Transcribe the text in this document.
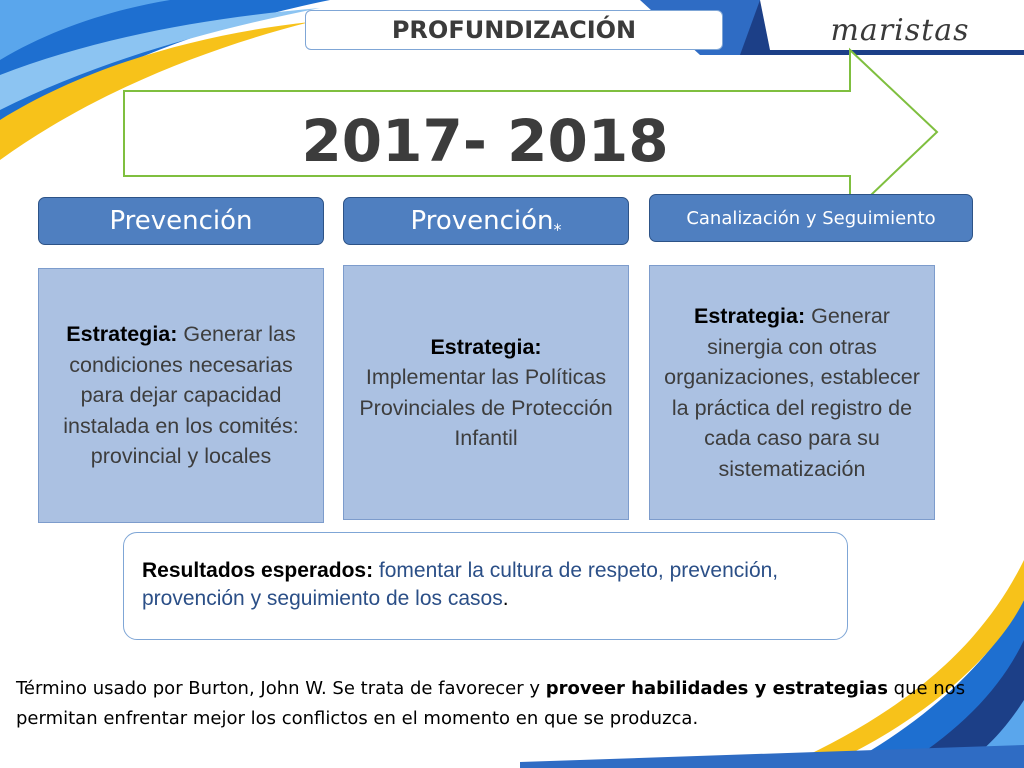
PROFUNDIZACIÓN	maristas
2017- 2018
Prevención	Provención *
Canalización y Seguimiento
Estrategia: Generar las condiciones necesarias para dejar capacidad instalada en los comités: provincial y locales
Estrategia:
Implementar las Políticas Provinciales de Protección Infantil
Estrategia: Generar sinergia con otras organizaciones, establecer la práctica del registro de cada caso para su sistematización
Resultados esperados: fomentar la cultura de respeto, prevención, provención y seguimiento de los casos.
Término usado por Burton, John W. Se trata de favorecer y proveer habilidades y estrategias que nos permitan enfrentar mejor los conflictos en el momento en que se produzca.
